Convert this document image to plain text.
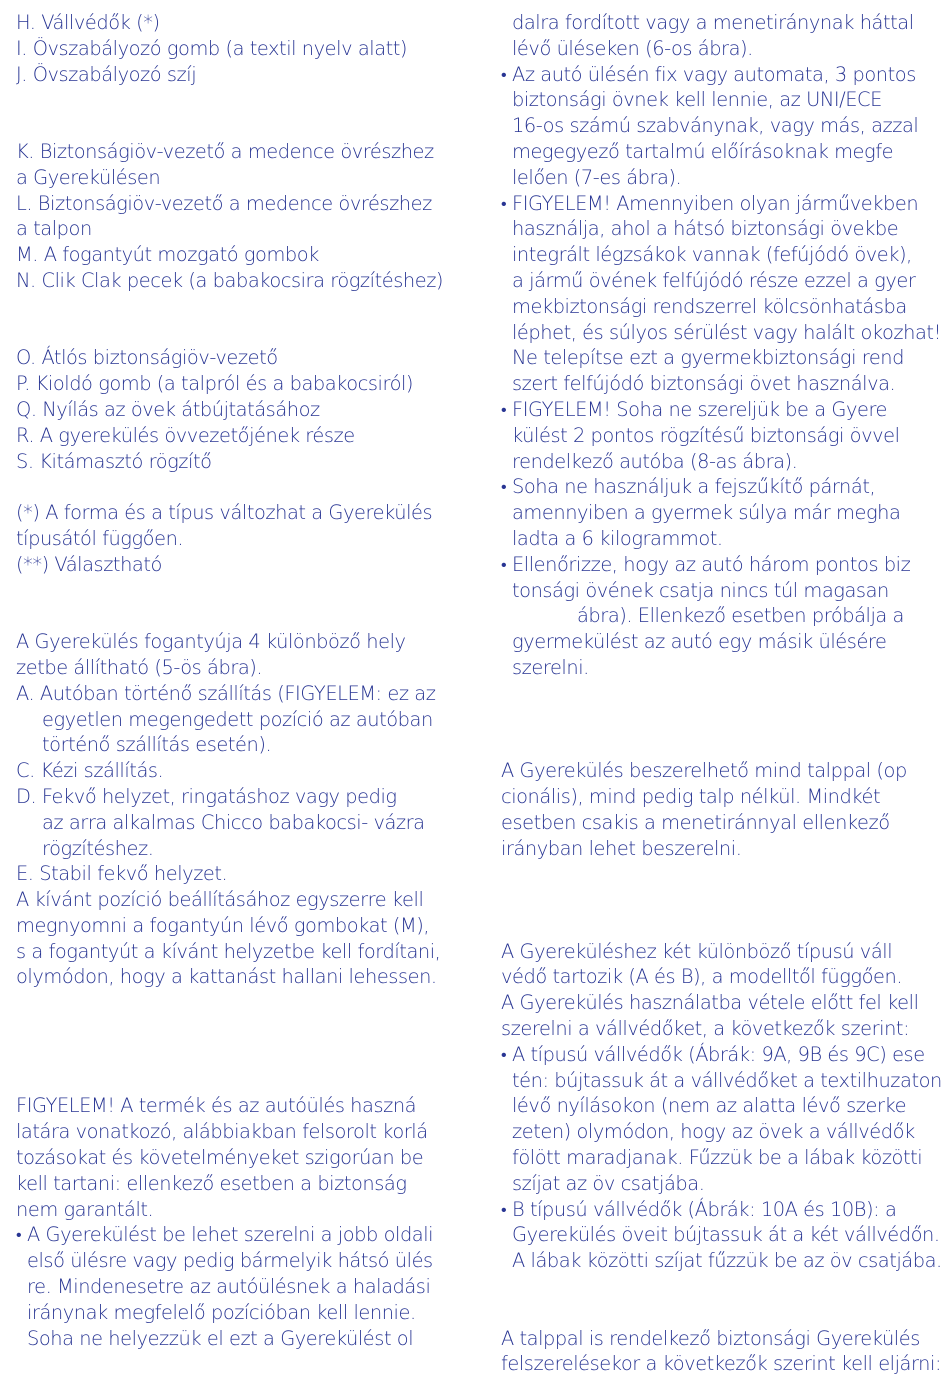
H. Vállvédők (*)
I. Övszabályozó gomb (a textil nyelv alatt)
J. Övszabályozó szíj
K. Biztonságiöv-vezető a medence övrészhez
a Gyerekülésen
L. Biztonságiöv-vezető a medence övrészhez
a talpon
M. A fogantyút mozgató gombok
N. Clik Clak pecek (a babakocsira rögzítéshez)
O. Átlós biztonságiöv-vezető
P. Kioldó gomb (a talpról és a babakocsiról)
Q. Nyílás az övek átbújtatásához
R. A gyerekülés övvezetőjének része
S. Kitámasztó rögzítő
(*) A forma és a típus változhat a Gyerekülés
típusától függően.
(**) Választható
A Gyerekülés fogantyúja 4 különböző hely
zetbe állítható (5-ös ábra).
A. Autóban történő szállítás (FIGYELEM: ez az
egyetlen megengedett pozíció az autóban
történő szállítás esetén).
C. Kézi szállítás.
D. Fekvő helyzet, ringatáshoz vagy pedig
az arra alkalmas Chicco babakocsi- vázra
rögzítéshez.
E. Stabil fekvő helyzet.
A kívánt pozíció beállításához egyszerre kell
megnyomni a fogantyún lévő gombokat (M),
s a fogantyút a kívánt helyzetbe kell fordítani,
olymódon, hogy a kattanást hallani lehessen.
FIGYELEM! A termék és az autóülés haszná
latára vonatkozó, alábbiakban felsorolt korlá
tozásokat és követelményeket szigorúan be
kell tartani: ellenkező esetben a biztonság
nem garantált.
• A Gyerekülést be lehet szerelni a jobb oldali
első ülésre vagy pedig bármelyik hátsó ülés
re. Mindenesetre az autóülésnek a haladási
iránynak megfelelő pozícióban kell lennie.
Soha ne helyezzük el ezt a Gyerekülést ol
dalra fordított vagy a menetiránynak háttal
lévő üléseken (6-os ábra).
• Az autó ülésén fix vagy automata, 3 pontos
biztonsági övnek kell lennie, az UNI/ECE
16-os számú szabványnak, vagy más, azzal
megegyező tartalmú előírásoknak megfe
lelően (7-es ábra).
• FIGYELEM! Amennyiben olyan járművekben
használja, ahol a hátsó biztonsági övekbe
integrált légzsákok vannak (fefújódó övek),
a jármű övének felfújódó része ezzel a gyer
mekbiztonsági rendszerrel kölcsönhatásba
léphet, és súlyos sérülést vagy halált okozhat!
Ne telepítse ezt a gyermekbiztonsági rend
szert felfújódó biztonsági övet használva.
• FIGYELEM! Soha ne szereljük be a Gyere
külést 2 pontos rögzítésű biztonsági övvel
rendelkező autóba (8-as ábra).
• Soha ne használjuk a fejszűkítő párnát,
amennyiben a gyermek súlya már megha
ladta a 6 kilogrammot.
• Ellenőrizze, hogy az autó három pontos biz
tonsági övének csatja nincs túl magasan
ábra). Ellenkező esetben próbálja a
gyermekülést az autó egy másik ülésére
szerelni.
A Gyerekülés beszerelhető mind talppal (op
cionális), mind pedig talp nélkül. Mindkét
esetben csakis a menetiránnyal ellenkező
irányban lehet beszerelni.
A Gyereküléshez két különböző típusú váll
védő tartozik (A és B), a modelltől függően.
A Gyerekülés használatba vétele előtt fel kell
szerelni a vállvédőket, a következők szerint:
• A típusú vállvédők (Ábrák: 9A, 9B és 9C) ese
tén: bújtassuk át a vállvédőket a textilhuzaton
lévő nyílásokon (nem az alatta lévő szerke
zeten) olymódon, hogy az övek a vállvédők
fölött maradjanak. Fűzzük be a lábak közötti
szíjat az öv csatjába.
• B típusú vállvédők (Ábrák: 10A és 10B): a
Gyerekülés öveit bújtassuk át a két vállvédőn.
A lábak közötti szíjat fűzzük be az öv csatjába.
A talppal is rendelkező biztonsági Gyerekülés
felszerelésekor a következők szerint kell eljárni:
